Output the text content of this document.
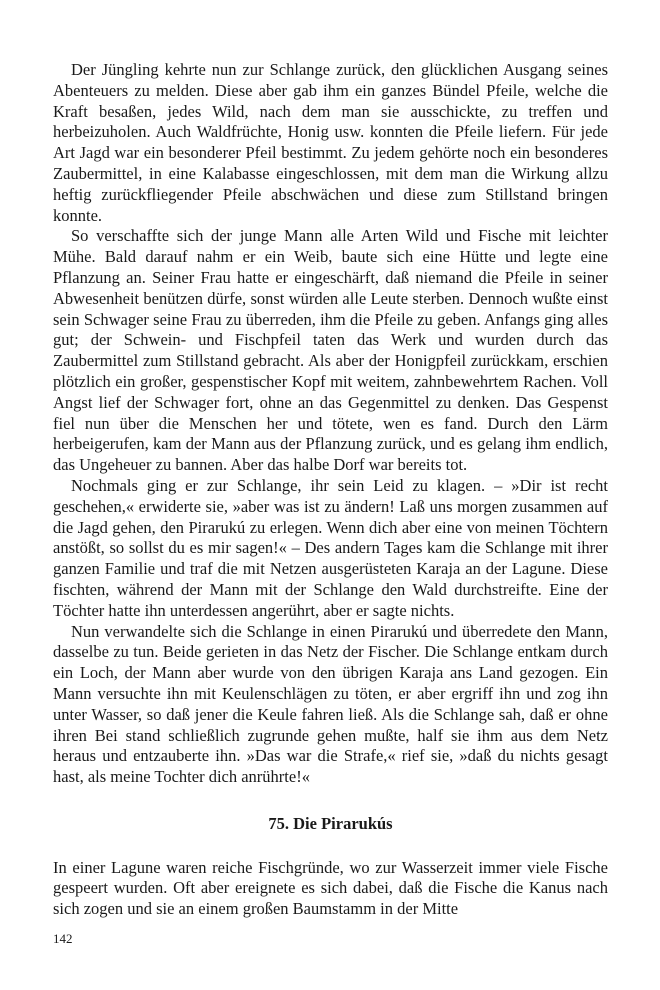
Der Jüngling kehrte nun zur Schlange zurück, den glücklichen Ausgang seines Abenteuers zu melden. Diese aber gab ihm ein ganzes Bündel Pfeile, welche die Kraft besaßen, jedes Wild, nach dem man sie ausschickte, zu treffen und herbeizuholen. Auch Waldfrüchte, Honig usw. konnten die Pfeile liefern. Für jede Art Jagd war ein besonderer Pfeil bestimmt. Zu jedem gehörte noch ein besonderes Zaubermittel, in eine Kalabasse eingeschlossen, mit dem man die Wirkung allzu heftig zurückfliegender Pfeile abschwächen und diese zum Stillstand bringen konnte.

So verschaffte sich der junge Mann alle Arten Wild und Fische mit leichter Mühe. Bald darauf nahm er ein Weib, baute sich eine Hütte und legte eine Pflanzung an. Seiner Frau hatte er eingeschärft, daß niemand die Pfeile in seiner Abwesenheit benützen dürfe, sonst würden alle Leute sterben. Dennoch wußte einst sein Schwager seine Frau zu überreden, ihm die Pfeile zu geben. Anfangs ging alles gut; der Schwein- und Fischpfeil taten das Werk und wurden durch das Zaubermittel zum Stillstand gebracht. Als aber der Honigpfeil zurückkam, erschien plötzlich ein großer, gespenstischer Kopf mit weitem, zahnbewehrtem Rachen. Voll Angst lief der Schwager fort, ohne an das Gegenmittel zu denken. Das Gespenst fiel nun über die Menschen her und tötete, wen es fand. Durch den Lärm herbeigerufen, kam der Mann aus der Pflanzung zurück, und es gelang ihm endlich, das Ungeheuer zu bannen. Aber das halbe Dorf war bereits tot.

Nochmals ging er zur Schlange, ihr sein Leid zu klagen. – »Dir ist recht geschehen,« erwiderte sie, »aber was ist zu ändern! Laß uns morgen zusammen auf die Jagd gehen, den Pirarukú zu erlegen. Wenn dich aber eine von meinen Töchtern anstößt, so sollst du es mir sagen!« – Des andern Tages kam die Schlange mit ihrer ganzen Familie und traf die mit Netzen ausgerüsteten Karaja an der Lagune. Diese fischten, während der Mann mit der Schlange den Wald durchstreifte. Eine der Töchter hatte ihn unterdessen angerührt, aber er sagte nichts.

Nun verwandelte sich die Schlange in einen Pirarukú und überredete den Mann, dasselbe zu tun. Beide gerieten in das Netz der Fischer. Die Schlange entkam durch ein Loch, der Mann aber wurde von den übrigen Karaja ans Land gezogen. Ein Mann versuchte ihn mit Keulenschlägen zu töten, er aber ergriff ihn und zog ihn unter Wasser, so daß jener die Keule fahren ließ. Als die Schlange sah, daß er ohne ihren Bei stand schließlich zugrunde gehen mußte, half sie ihm aus dem Netz heraus und entzauberte ihn. »Das war die Strafe,« rief sie, »daß du nichts gesagt hast, als meine Tochter dich anrührte!«

75. Die Pirarukús

In einer Lagune waren reiche Fischgründe, wo zur Wasserzeit immer viele Fische gespeert wurden. Oft aber ereignete es sich dabei, daß die Fische die Kanus nach sich zogen und sie an einem großen Baumstamm in der Mitte

142
